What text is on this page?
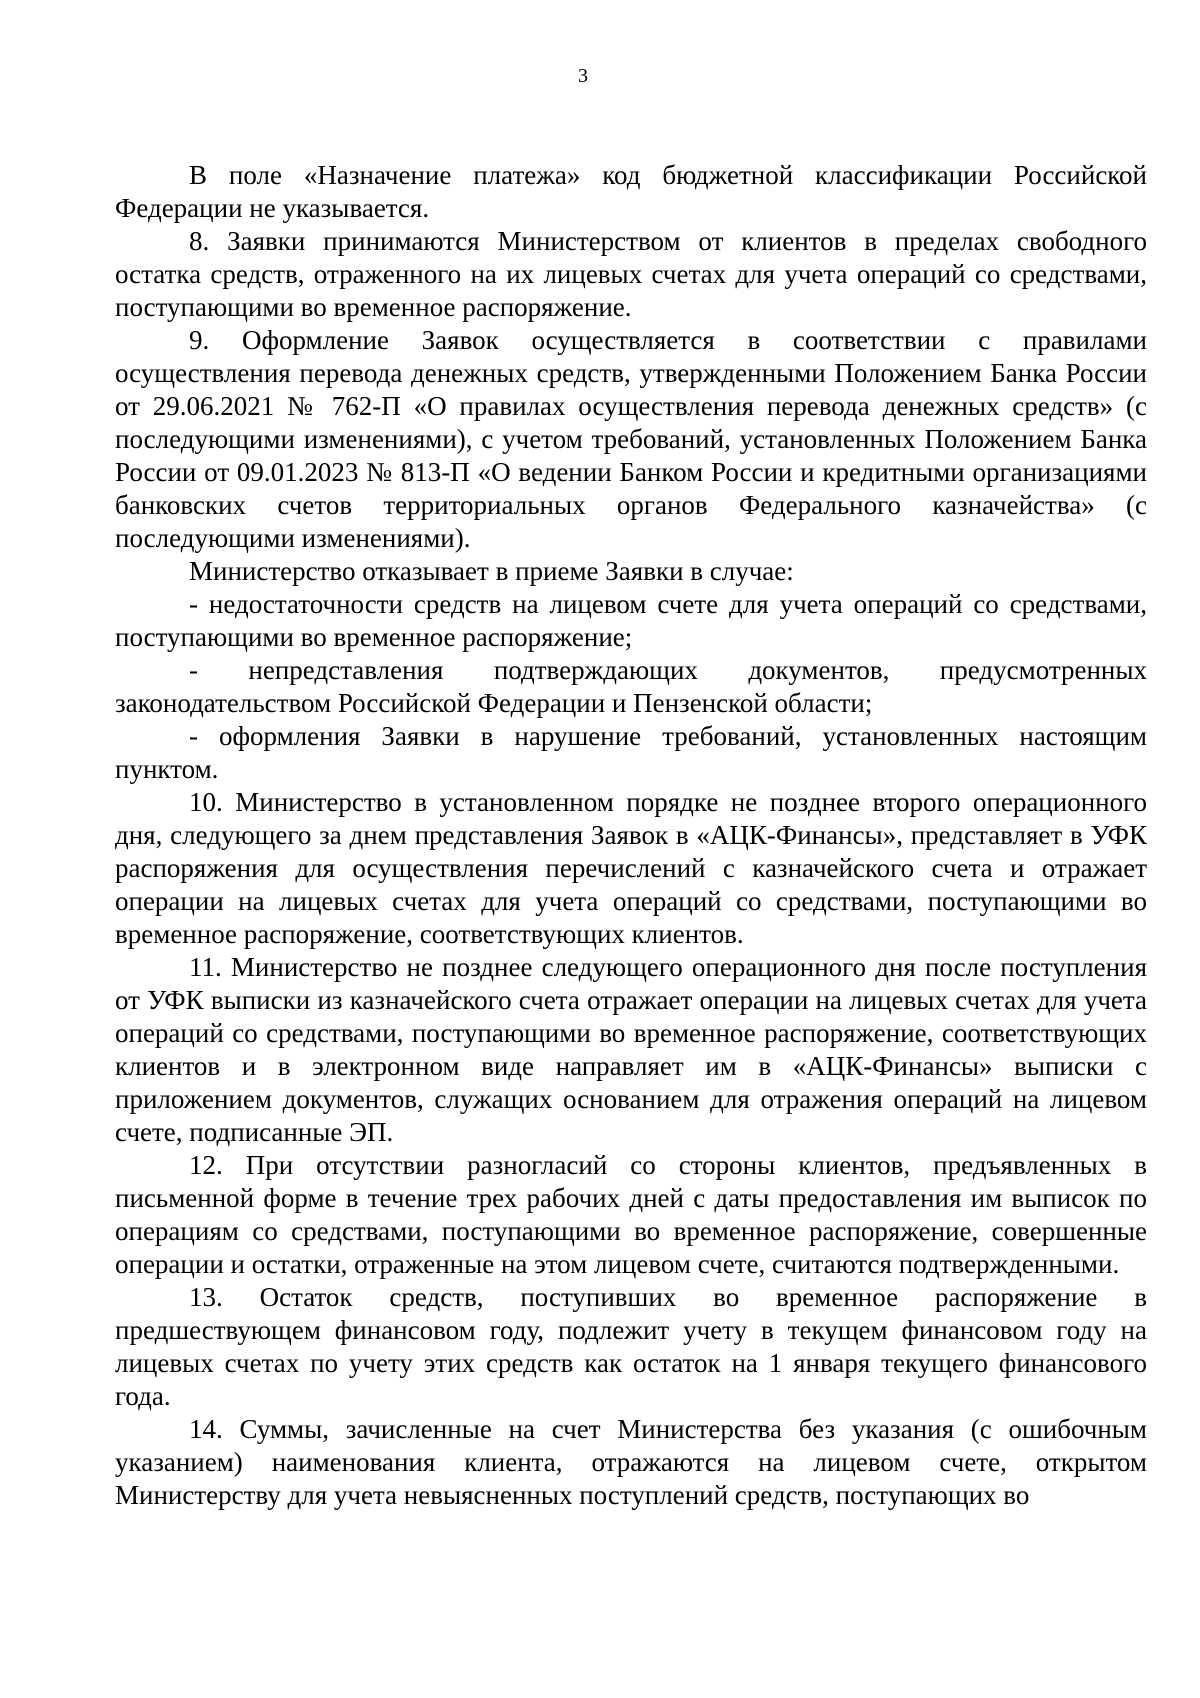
3

В поле «Назначение платежа» код бюджетной классификации Российской Федерации не указывается.

8. Заявки принимаются Министерством от клиентов в пределах свободного остатка средств, отраженного на их лицевых счетах для учета операций со средствами, поступающими во временное распоряжение.

9. Оформление Заявок осуществляется в соответствии с правилами осуществления перевода денежных средств, утвержденными Положением Банка России от 29.06.2021 № 762-П «О правилах осуществления перевода денежных средств» (с последующими изменениями), с учетом требований, установленных Положением Банка России от 09.01.2023 № 813-П «О ведении Банком России и кредитными организациями банковских счетов территориальных органов Федерального казначейства» (с последующими изменениями).

Министерство отказывает в приеме Заявки в случае:

- недостаточности средств на лицевом счете для учета операций со средствами, поступающими во временное распоряжение;

- непредставления подтверждающих документов, предусмотренных законодательством Российской Федерации и Пензенской области;

- оформления Заявки в нарушение требований, установленных настоящим пунктом.

10. Министерство в установленном порядке не позднее второго операционного дня, следующего за днем представления Заявок в «АЦК-Финансы», представляет в УФК распоряжения для осуществления перечислений с казначейского счета и отражает операции на лицевых счетах для учета операций со средствами, поступающими во временное распоряжение, соответствующих клиентов.

11. Министерство не позднее следующего операционного дня после поступления от УФК выписки из казначейского счета отражает операции на лицевых счетах для учета операций со средствами, поступающими во временное распоряжение, соответствующих клиентов и в электронном виде направляет им в «АЦК-Финансы» выписки с приложением документов, служащих основанием для отражения операций на лицевом счете, подписанные ЭП.

12. При отсутствии разногласий со стороны клиентов, предъявленных в письменной форме в течение трех рабочих дней с даты предоставления им выписок по операциям со средствами, поступающими во временное распоряжение, совершенные операции и остатки, отраженные на этом лицевом счете, считаются подтвержденными.

13. Остаток средств, поступивших во временное распоряжение в предшествующем финансовом году, подлежит учету в текущем финансовом году на лицевых счетах по учету этих средств как остаток на 1 января текущего финансового года.

14. Суммы, зачисленные на счет Министерства без указания (с ошибочным указанием) наименования клиента, отражаются на лицевом счете, открытом Министерству для учета невыясненных поступлений средств, поступающих во
